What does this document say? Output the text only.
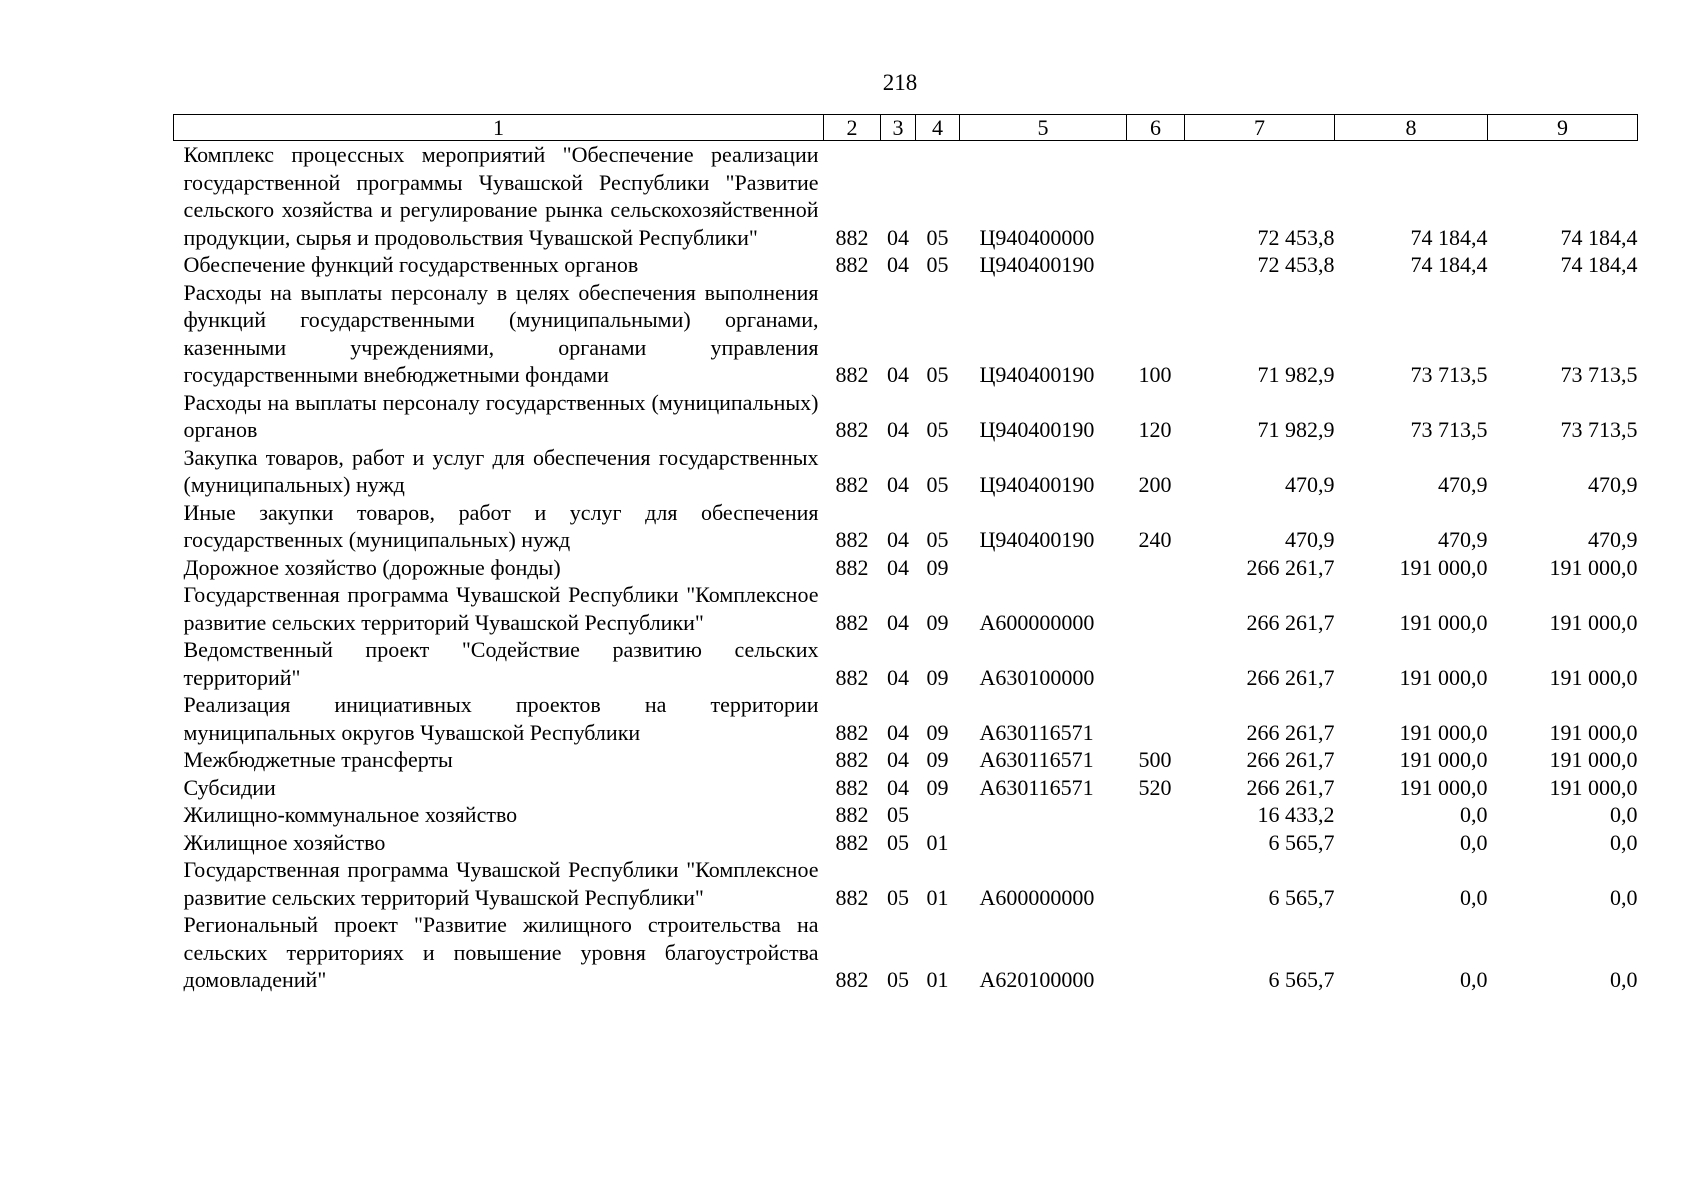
218
1	2	3	4	5	6	7	8	9
Комплекс процессных мероприятий "Обеспечение реализации государственной программы Чувашской Республики "Развитие сельского хозяйства и регулирование рынка сельскохозяйственной продукции, сырья и продовольствия Чувашской Республики"	882	04	05	Ц940400000		72 453,8	74 184,4	74 184,4
Обеспечение функций государственных органов	882	04	05	Ц940400190		72 453,8	74 184,4	74 184,4
Расходы на выплаты персоналу в целях обеспечения выполнения функций государственными (муниципальными) органами, казенными учреждениями, органами управления государственными внебюджетными фондами	882	04	05	Ц940400190	100	71 982,9	73 713,5	73 713,5
Расходы на выплаты персоналу государственных (муниципальных) органов	882	04	05	Ц940400190	120	71 982,9	73 713,5	73 713,5
Закупка товаров, работ и услуг для обеспечения государственных (муниципальных) нужд	882	04	05	Ц940400190	200	470,9	470,9	470,9
Иные закупки товаров, работ и услуг для обеспечения государственных (муниципальных) нужд	882	04	05	Ц940400190	240	470,9	470,9	470,9
Дорожное хозяйство (дорожные фонды)	882	04	09			266 261,7	191 000,0	191 000,0
Государственная программа Чувашской Республики "Комплексное развитие сельских территорий Чувашской Республики"	882	04	09	А600000000		266 261,7	191 000,0	191 000,0
Ведомственный проект "Содействие развитию сельских территорий"	882	04	09	А630100000		266 261,7	191 000,0	191 000,0
Реализация инициативных проектов на территории муниципальных округов Чувашской Республики	882	04	09	А630116571		266 261,7	191 000,0	191 000,0
Межбюджетные трансферты	882	04	09	А630116571	500	266 261,7	191 000,0	191 000,0
Субсидии	882	04	09	А630116571	520	266 261,7	191 000,0	191 000,0
Жилищно-коммунальное хозяйство	882	05				16 433,2	0,0	0,0
Жилищное хозяйство	882	05	01			6 565,7	0,0	0,0
Государственная программа Чувашской Республики "Комплексное развитие сельских территорий Чувашской Республики"	882	05	01	А600000000		6 565,7	0,0	0,0
Региональный проект "Развитие жилищного строительства на сельских территориях и повышение уровня благоустройства домовладений"	882	05	01	А620100000		6 565,7	0,0	0,0
